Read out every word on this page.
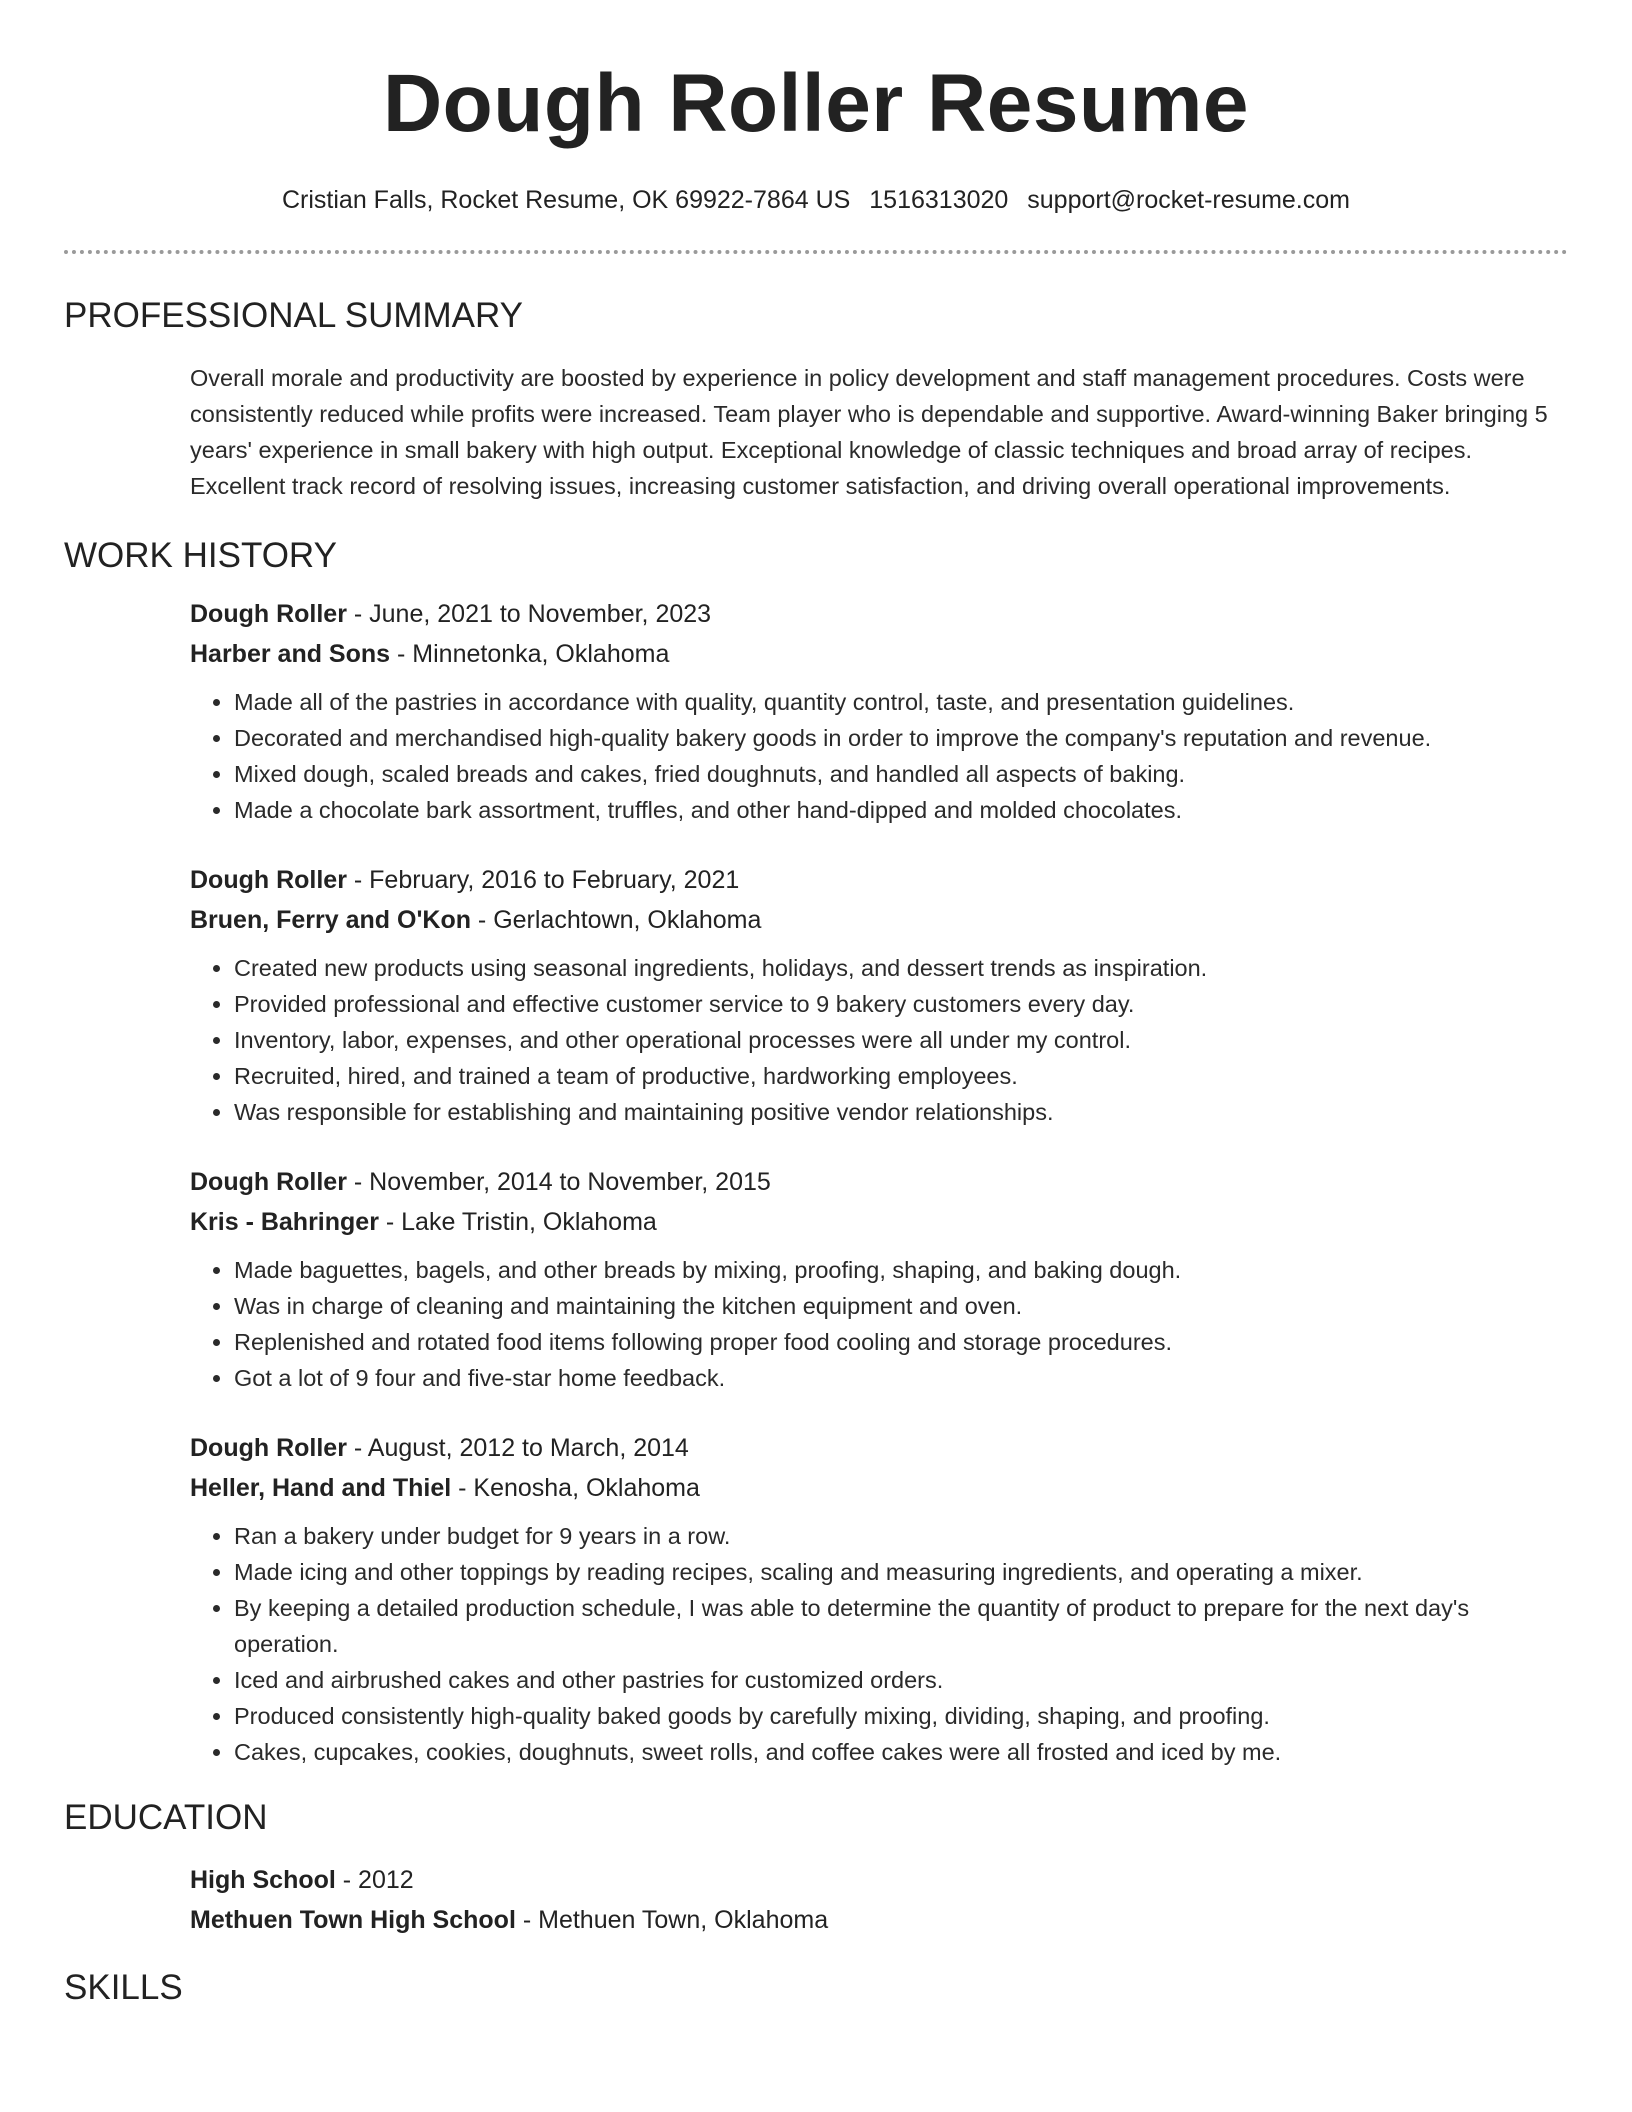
Dough Roller Resume
Cristian Falls, Rocket Resume, OK 69922-7864 US 1516313020 support@rocket-resume.com
PROFESSIONAL SUMMARY
Overall morale and productivity are boosted by experience in policy development and staff management procedures. Costs were consistently reduced while profits were increased. Team player who is dependable and supportive. Award-winning Baker bringing 5 years' experience in small bakery with high output. Exceptional knowledge of classic techniques and broad array of recipes. Excellent track record of resolving issues, increasing customer satisfaction, and driving overall operational improvements.
WORK HISTORY
Dough Roller - June, 2021 to November, 2023
Harber and Sons - Minnetonka, Oklahoma
• Made all of the pastries in accordance with quality, quantity control, taste, and presentation guidelines.
• Decorated and merchandised high-quality bakery goods in order to improve the company's reputation and revenue.
• Mixed dough, scaled breads and cakes, fried doughnuts, and handled all aspects of baking.
• Made a chocolate bark assortment, truffles, and other hand-dipped and molded chocolates.
Dough Roller - February, 2016 to February, 2021
Bruen, Ferry and O'Kon - Gerlachtown, Oklahoma
• Created new products using seasonal ingredients, holidays, and dessert trends as inspiration.
• Provided professional and effective customer service to 9 bakery customers every day.
• Inventory, labor, expenses, and other operational processes were all under my control.
• Recruited, hired, and trained a team of productive, hardworking employees.
• Was responsible for establishing and maintaining positive vendor relationships.
Dough Roller - November, 2014 to November, 2015
Kris - Bahringer - Lake Tristin, Oklahoma
• Made baguettes, bagels, and other breads by mixing, proofing, shaping, and baking dough.
• Was in charge of cleaning and maintaining the kitchen equipment and oven.
• Replenished and rotated food items following proper food cooling and storage procedures.
• Got a lot of 9 four and five-star home feedback.
Dough Roller - August, 2012 to March, 2014
Heller, Hand and Thiel - Kenosha, Oklahoma
• Ran a bakery under budget for 9 years in a row.
• Made icing and other toppings by reading recipes, scaling and measuring ingredients, and operating a mixer.
• By keeping a detailed production schedule, I was able to determine the quantity of product to prepare for the next day's operation.
• Iced and airbrushed cakes and other pastries for customized orders.
• Produced consistently high-quality baked goods by carefully mixing, dividing, shaping, and proofing.
• Cakes, cupcakes, cookies, doughnuts, sweet rolls, and coffee cakes were all frosted and iced by me.
EDUCATION
High School - 2012
Methuen Town High School - Methuen Town, Oklahoma
SKILLS
